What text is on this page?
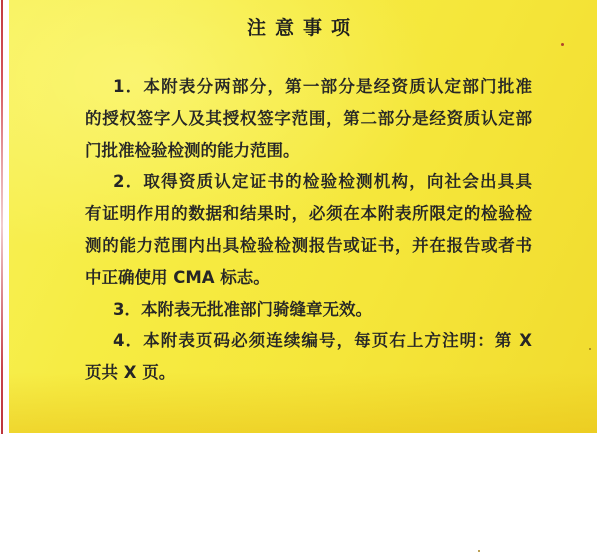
注意事项
1．本附表分两部分，第一部分是经资质认定部门批准
的授权签字人及其授权签字范围，第二部分是经资质认定部
门批准检验检测的能力范围。
2．取得资质认定证书的检验检测机构，向社会出具具
有证明作用的数据和结果时，必须在本附表所限定的检验检
测的能力范围内出具检验检测报告或证书，并在报告或者书
中正确使用 CMA 标志。
3．本附表无批准部门骑缝章无效。
4．本附表页码必须连续编号，每页右上方注明：第 X
页共 X 页。
